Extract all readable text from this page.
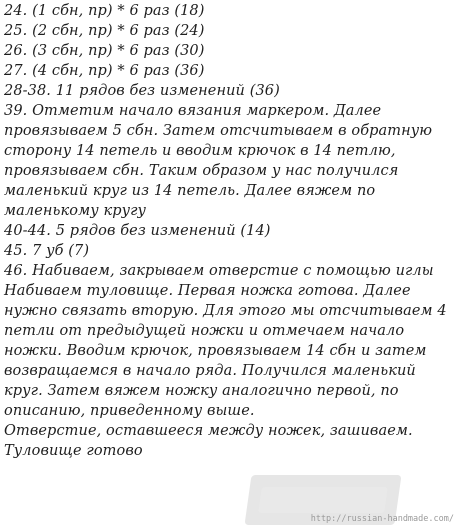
24. (1 сбн, пр) * 6 раз (18)
25. (2 сбн, пр) * 6 раз (24)
26. (3 сбн, пр) * 6 раз (30)
27. (4 сбн, пр) * 6 раз (36)
28-38. 11 рядов без изменений (36)
39. Отметим начало вязания маркером. Далее
провязываем 5 сбн. Затем отсчитываем в обратную
сторону 14 петель и вводим крючок в 14 петлю,
провязываем сбн. Таким образом у нас получился
маленький круг из 14 петель. Далее вяжем по
маленькому кругу
40-44. 5 рядов без изменений (14)
45. 7 уб (7)
46. Набиваем, закрываем отверстие с помощью иглы
Набиваем туловище. Первая ножка готова. Далее
нужно связать вторую. Для этого мы отсчитываем 4
петли от предыдущей ножки и отмечаем начало
ножки. Вводим крючок, провязываем 14 сбн и затем
возвращаемся в начало ряда. Получился маленький
круг. Затем вяжем ножку аналогично первой, по
описанию, приведенному выше.
Отверстие, оставшееся между ножек, зашиваем.
Туловище готово
http://russian-handmade.com/
